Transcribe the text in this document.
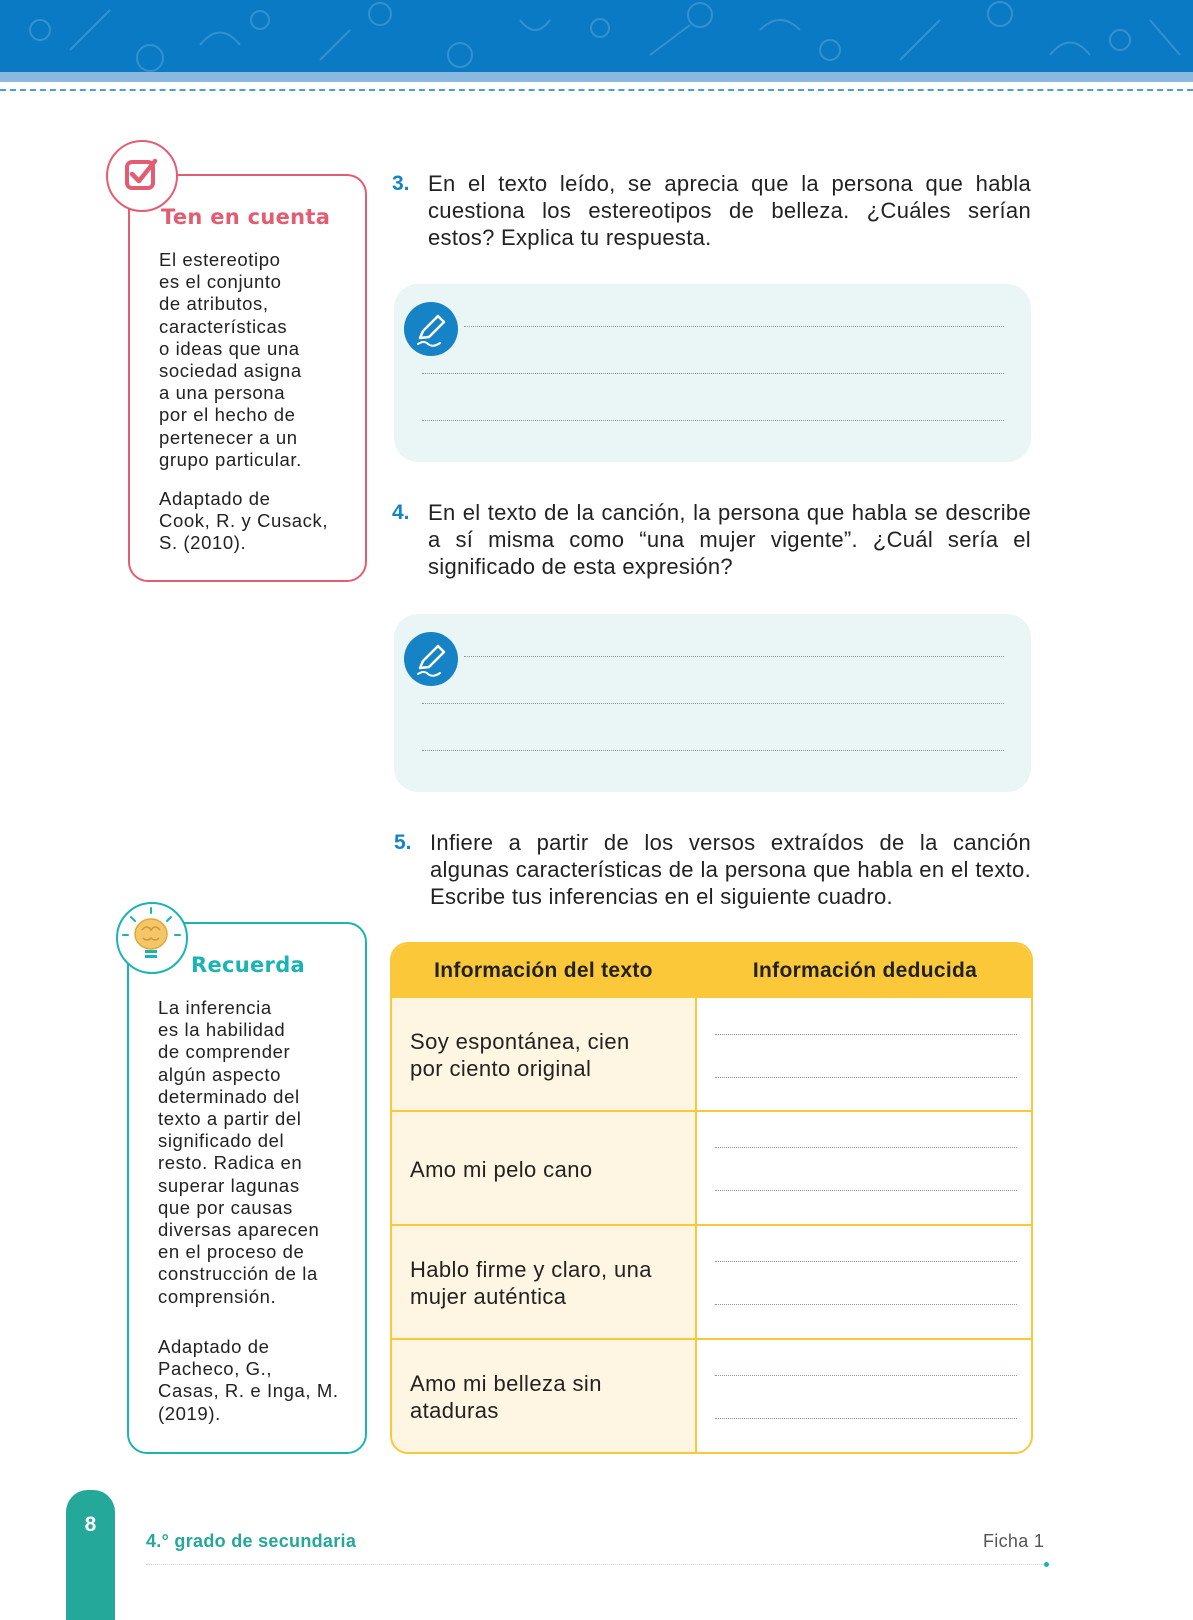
Ten en cuenta
El estereotipo
es el conjunto
de atributos,
características
o ideas que una
sociedad asigna
a una persona
por el hecho de
pertenecer a un
grupo particular.
Adaptado de
Cook, R. y Cusack,
S. (2010).
Recuerda
La inferencia
es la habilidad
de comprender
algún aspecto
determinado del
texto a partir del
significado del
resto. Radica en
superar lagunas
que por causas
diversas aparecen
en el proceso de
construcción de la
comprensión.
Adaptado de
Pacheco, G.,
Casas, R. e Inga, M.
(2019).
3. En el texto leído, se aprecia que la persona que habla cuestiona los estereotipos de belleza. ¿Cuáles serían estos? Explica tu respuesta.
4. En el texto de la canción, la persona que habla se describe a sí misma como “una mujer vigente”. ¿Cuál sería el significado de esta expresión?
5. Infiere a partir de los versos extraídos de la canción algunas características de la persona que habla en el texto. Escribe tus inferencias en el siguiente cuadro.
Información del texto	Información deducida
Soy espontánea, cien
por ciento original
Amo mi pelo cano
Hablo firme y claro, una
mujer auténtica
Amo mi belleza sin
ataduras
8
4.° grado de secundaria	Ficha 1
